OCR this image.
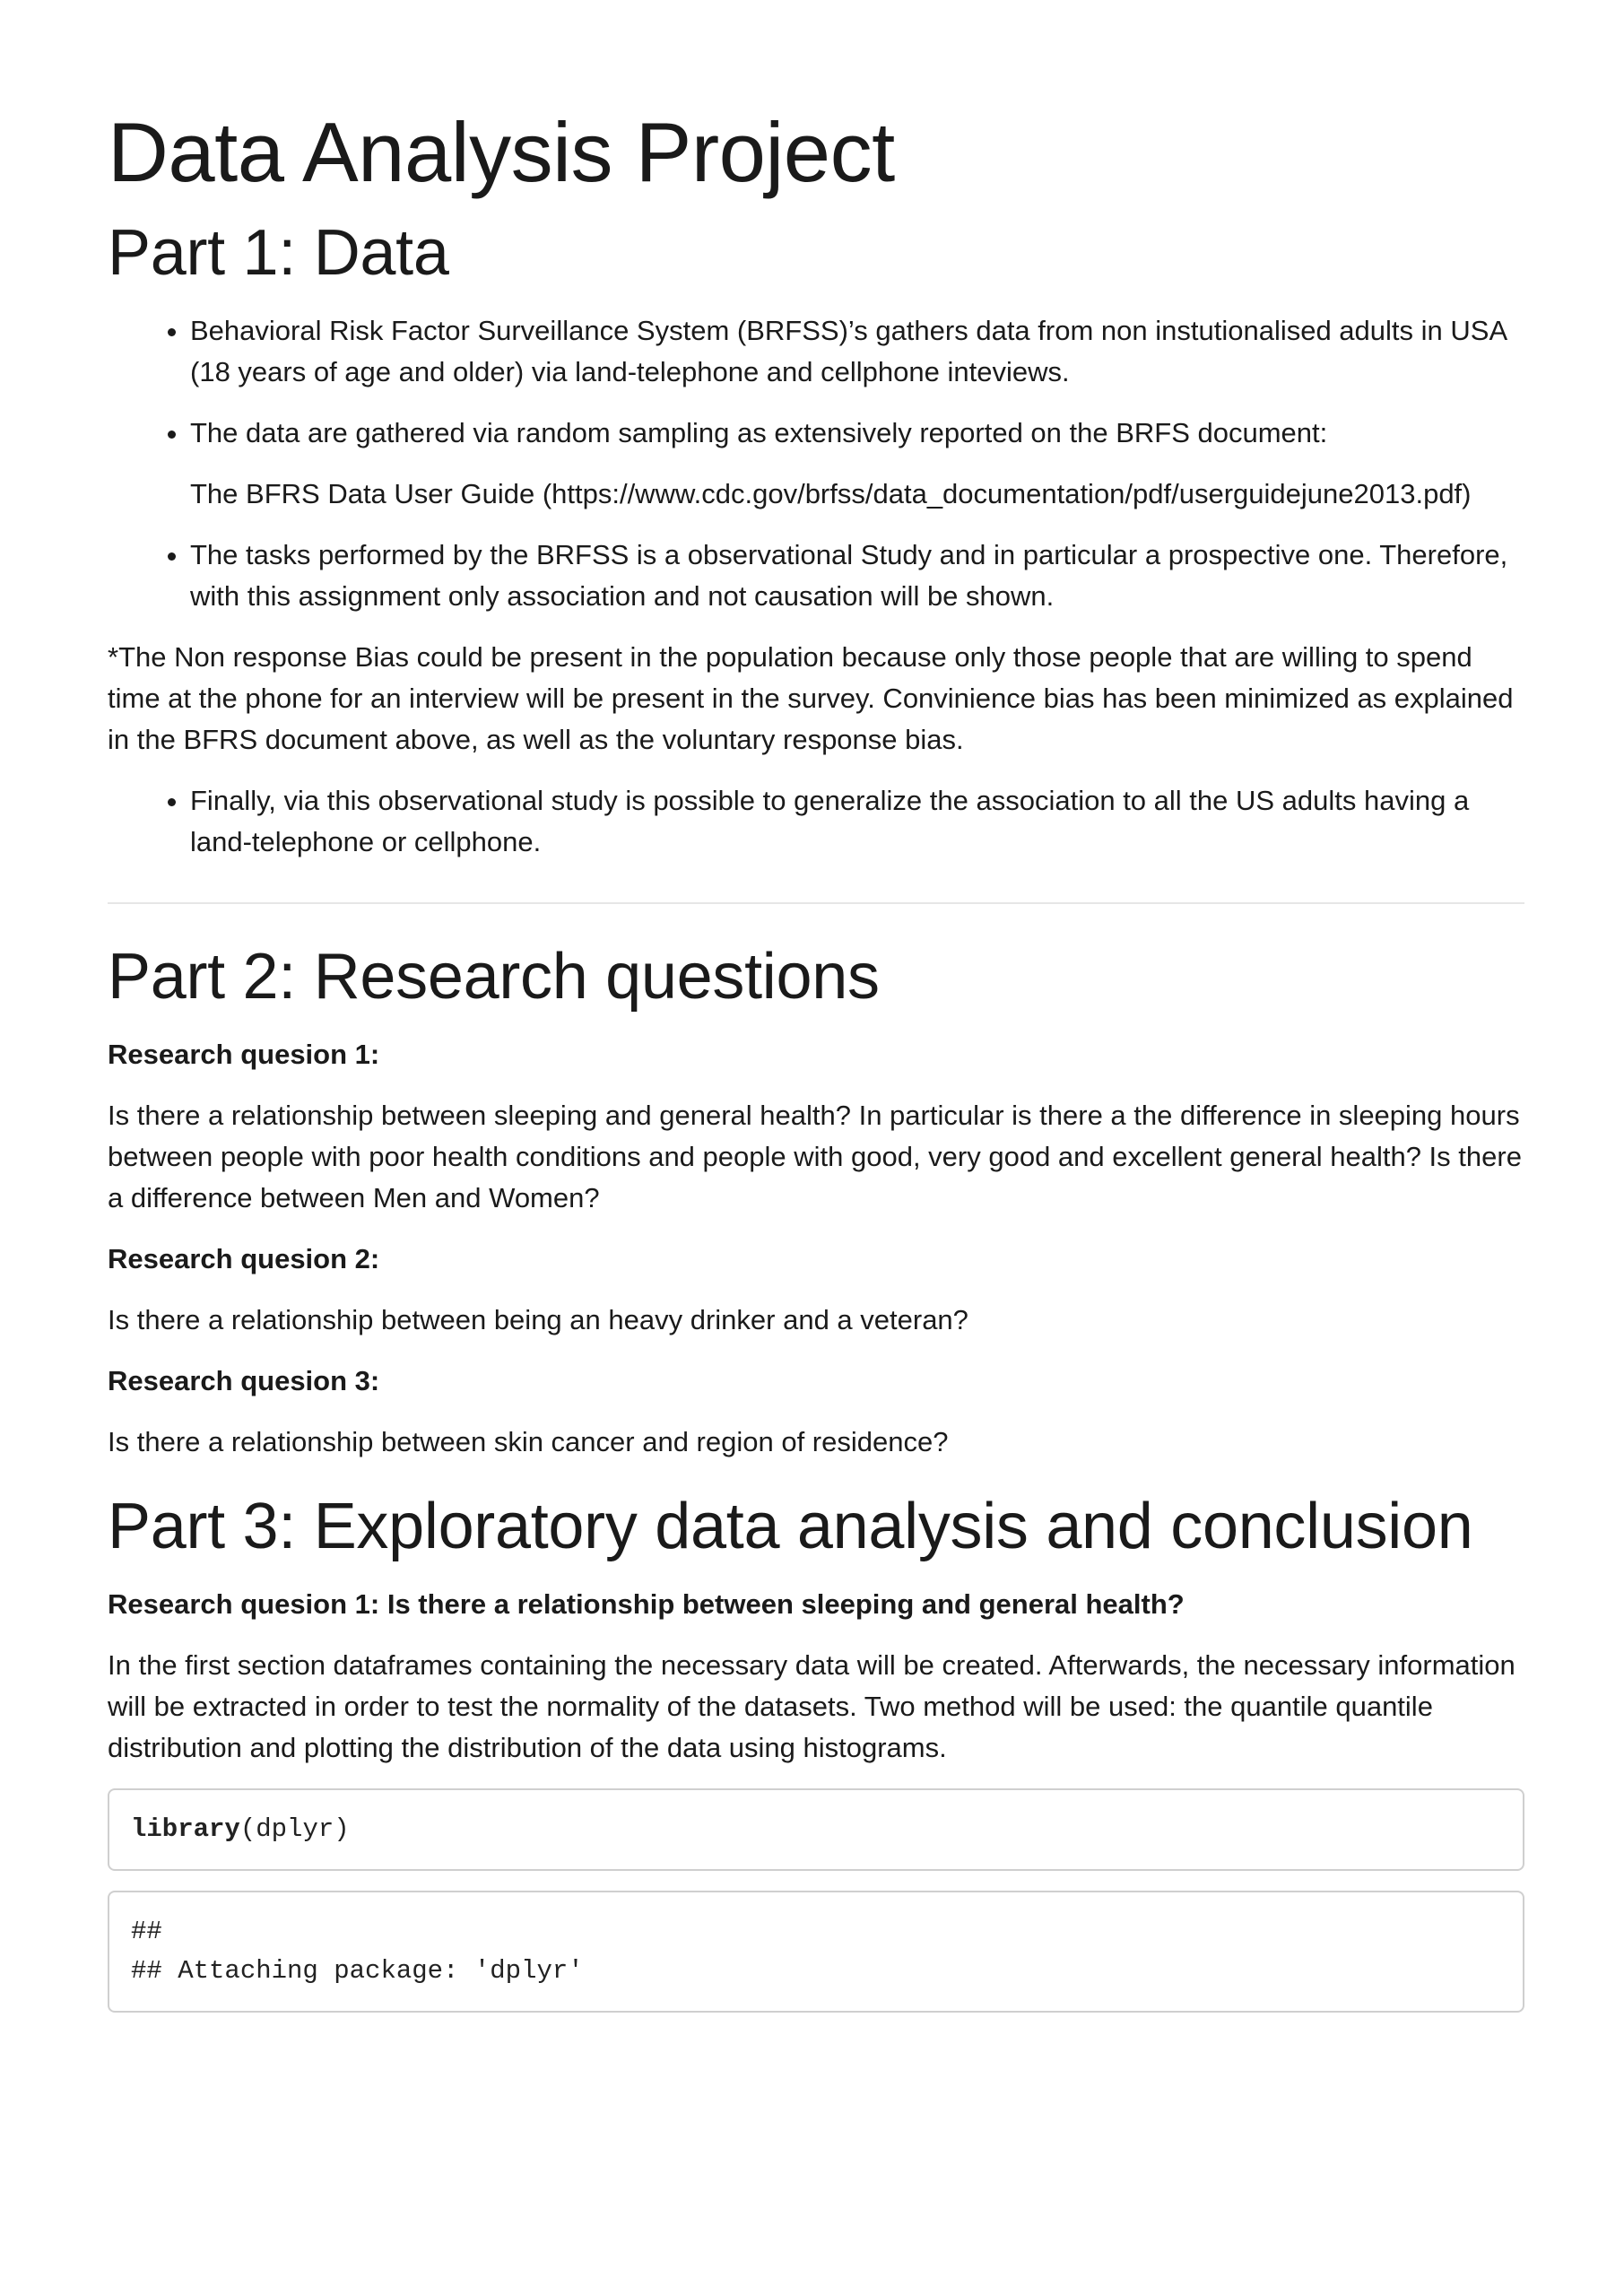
Data Analysis Project
Part 1: Data
• Behavioral Risk Factor Surveillance System (BRFSS)’s gathers data from non instutionalised adults in USA (18 years of age and older) via land-telephone and cellphone inteviews.
• The data are gathered via random sampling as extensively reported on the BRFS document:

The BFRS Data User Guide (https://www.cdc.gov/brfss/data_documentation/pdf/userguidejune2013.pdf)

• The tasks performed by the BRFSS is a observational Study and in particular a prospective one. Therefore, with this assignment only association and not causation will be shown.

*The Non response Bias could be present in the population because only those people that are willing to spend time at the phone for an interview will be present in the survey. Convinience bias has been minimized as explained in the BFRS document above, as well as the voluntary response bias.

• Finally, via this observational study is possible to generalize the association to all the US adults having a land-telephone or cellphone.
Part 2: Research questions

Research quesion 1:

Is there a relationship between sleeping and general health? In particular is there a the difference in sleeping hours between people with poor health conditions and people with good, very good and excellent general health? Is there a difference between Men and Women?

Research quesion 2:

Is there a relationship between being an heavy drinker and a veteran?

Research quesion 3:

Is there a relationship between skin cancer and region of residence?

Part 3: Exploratory data analysis and conclusion

Research quesion 1: Is there a relationship between sleeping and general health?

In the first section dataframes containing the necessary data will be created. Afterwards, the necessary information will be extracted in order to test the normality of the datasets. Two method will be used: the quantile quantile distribution and plotting the distribution of the data using histograms.

library(dplyr)
##
## Attaching package: 'dplyr'
